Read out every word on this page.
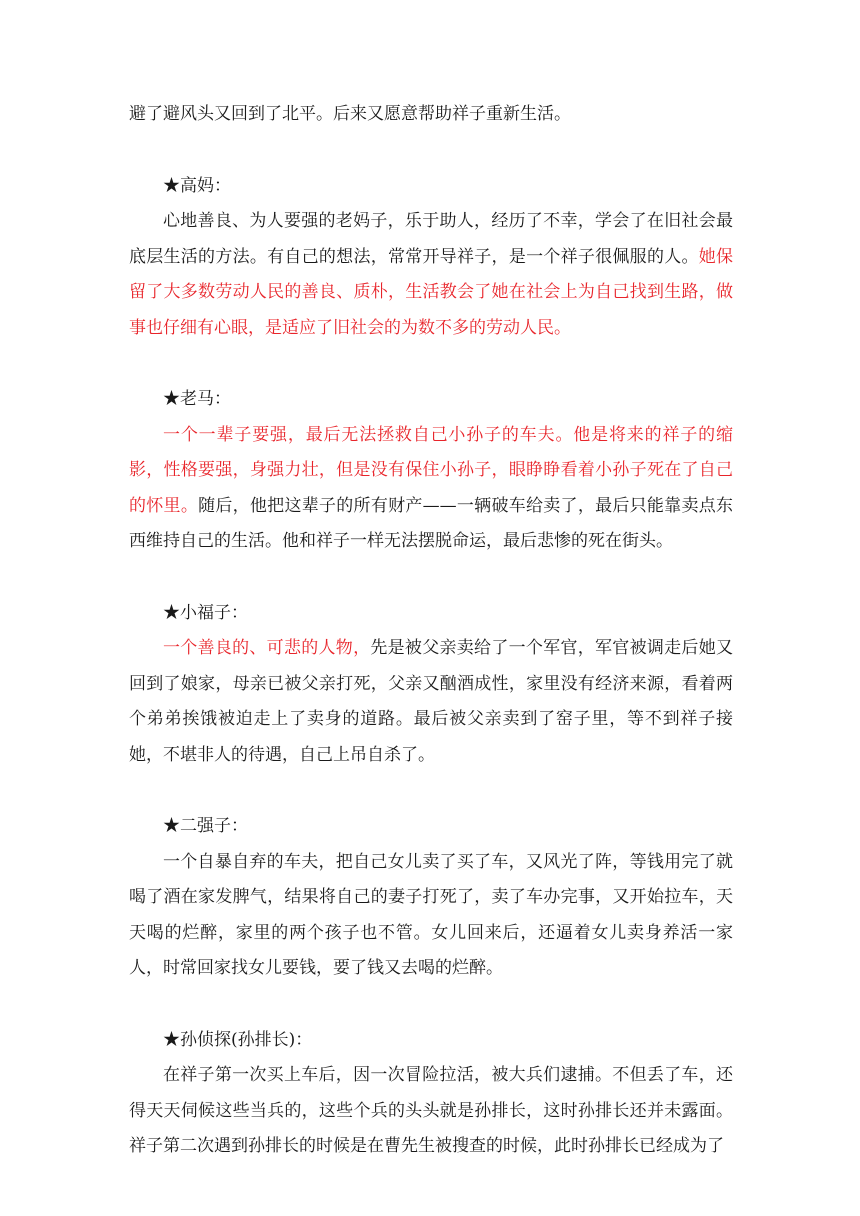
避了避风头又回到了北平。后来又愿意帮助祥子重新生活。

★高妈：

心地善良、为人要强的老妈子，乐于助人，经历了不幸，学会了在旧社会最底层生活的方法。有自己的想法，常常开导祥子，是一个祥子很佩服的人。她保留了大多数劳动人民的善良、质朴，生活教会了她在社会上为自己找到生路，做事也仔细有心眼，是适应了旧社会的为数不多的劳动人民。

★老马：

一个一辈子要强，最后无法拯救自己小孙子的车夫。他是将来的祥子的缩影，性格要强，身强力壮，但是没有保住小孙子，眼睁睁看着小孙子死在了自己的怀里。随后，他把这辈子的所有财产——一辆破车给卖了，最后只能靠卖点东西维持自己的生活。他和祥子一样无法摆脱命运，最后悲惨的死在街头。

★小福子：

一个善良的、可悲的人物，先是被父亲卖给了一个军官，军官被调走后她又回到了娘家，母亲已被父亲打死，父亲又酗酒成性，家里没有经济来源，看着两个弟弟挨饿被迫走上了卖身的道路。最后被父亲卖到了窑子里，等不到祥子接她，不堪非人的待遇，自己上吊自杀了。

★二强子：

一个自暴自弃的车夫，把自己女儿卖了买了车，又风光了阵，等钱用完了就喝了酒在家发脾气，结果将自己的妻子打死了，卖了车办完事，又开始拉车，天天喝的烂醉，家里的两个孩子也不管。女儿回来后，还逼着女儿卖身养活一家人，时常回家找女儿要钱，要了钱又去喝的烂醉。

★孙侦探(孙排长)：

在祥子第一次买上车后，因一次冒险拉活，被大兵们逮捕。不但丢了车，还得天天伺候这些当兵的，这些个兵的头头就是孙排长，这时孙排长还并未露面。祥子第二次遇到孙排长的时候是在曹先生被搜查的时候，此时孙排长已经成为了
